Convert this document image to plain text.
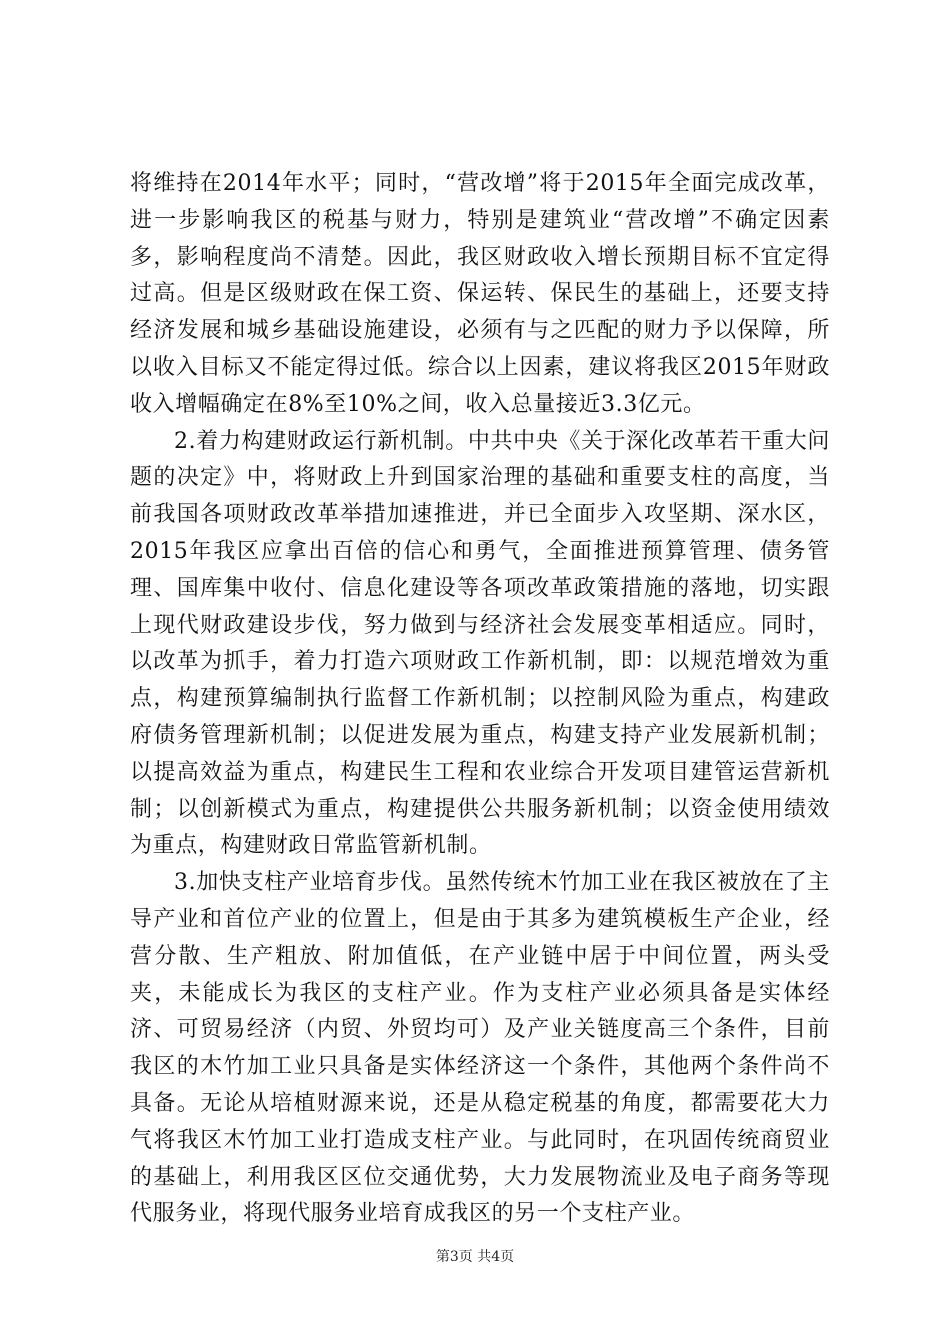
将维持在2014年水平；同时，“营改增”将于2015年全面完成改革，进一步影响我区的税基与财力，特别是建筑业“营改增”不确定因素多，影响程度尚不清楚。因此，我区财政收入增长预期目标不宜定得过高。但是区级财政在保工资、保运转、保民生的基础上，还要支持经济发展和城乡基础设施建设，必须有与之匹配的财力予以保障，所以收入目标又不能定得过低。综合以上因素，建议将我区2015年财政收入增幅确定在8%至10%之间，收入总量接近3.3亿元。

2.着力构建财政运行新机制。中共中央《关于深化改革若干重大问题的决定》中，将财政上升到国家治理的基础和重要支柱的高度，当前我国各项财政改革举措加速推进，并已全面步入攻坚期、深水区，2015年我区应拿出百倍的信心和勇气，全面推进预算管理、债务管理、国库集中收付、信息化建设等各项改革政策措施的落地，切实跟上现代财政建设步伐，努力做到与经济社会发展变革相适应。同时，以改革为抓手，着力打造六项财政工作新机制，即：以规范增效为重点，构建预算编制执行监督工作新机制；以控制风险为重点，构建政府债务管理新机制；以促进发展为重点，构建支持产业发展新机制；以提高效益为重点，构建民生工程和农业综合开发项目建管运营新机制；以创新模式为重点，构建提供公共服务新机制；以资金使用绩效为重点，构建财政日常监管新机制。

3.加快支柱产业培育步伐。虽然传统木竹加工业在我区被放在了主导产业和首位产业的位置上，但是由于其多为建筑模板生产企业，经营分散、生产粗放、附加值低，在产业链中居于中间位置，两头受夹，未能成长为我区的支柱产业。作为支柱产业必须具备是实体经济、可贸易经济（内贸、外贸均可）及产业关链度高三个条件，目前我区的木竹加工业只具备是实体经济这一个条件，其他两个条件尚不具备。无论从培植财源来说，还是从稳定税基的角度，都需要花大力气将我区木竹加工业打造成支柱产业。与此同时，在巩固传统商贸业的基础上，利用我区区位交通优势，大力发展物流业及电子商务等现代服务业，将现代服务业培育成我区的另一个支柱产业。

第3页 共4页
